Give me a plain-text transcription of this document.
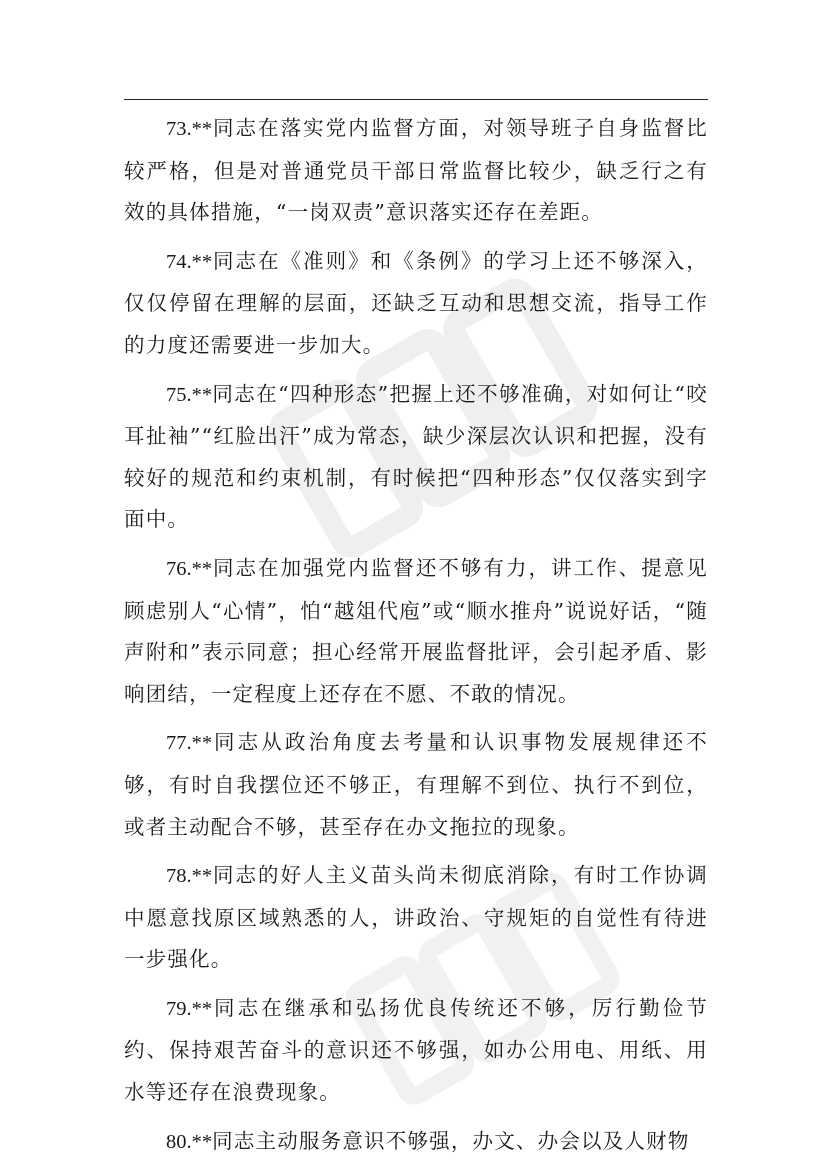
73.**同志在落实党内监督方面，对领导班子自身监督比较严格，但是对普通党员干部日常监督比较少，缺乏行之有效的具体措施，“一岗双责”意识落实还存在差距。

74.**同志在《准则》和《条例》的学习上还不够深入，仅仅停留在理解的层面，还缺乏互动和思想交流，指导工作的力度还需要进一步加大。

75.**同志在“四种形态”把握上还不够准确，对如何让“咬耳扯袖”“红脸出汗”成为常态，缺少深层次认识和把握，没有较好的规范和约束机制，有时候把“四种形态”仅仅落实到字面中。

76.**同志在加强党内监督还不够有力，讲工作、提意见顾虑别人“心情”，怕“越俎代庖”或“顺水推舟”说说好话，“随声附和”表示同意；担心经常开展监督批评，会引起矛盾、影响团结，一定程度上还存在不愿、不敢的情况。

77.**同志从政治角度去考量和认识事物发展规律还不够，有时自我摆位还不够正，有理解不到位、执行不到位，或者主动配合不够，甚至存在办文拖拉的现象。

78.**同志的好人主义苗头尚未彻底消除，有时工作协调中愿意找原区域熟悉的人，讲政治、守规矩的自觉性有待进一步强化。

79.**同志在继承和弘扬优良传统还不够，厉行勤俭节约、保持艰苦奋斗的意识还不够强，如办公用电、用纸、用水等还存在浪费现象。

80.**同志主动服务意识不够强，办文、办会以及人财物
